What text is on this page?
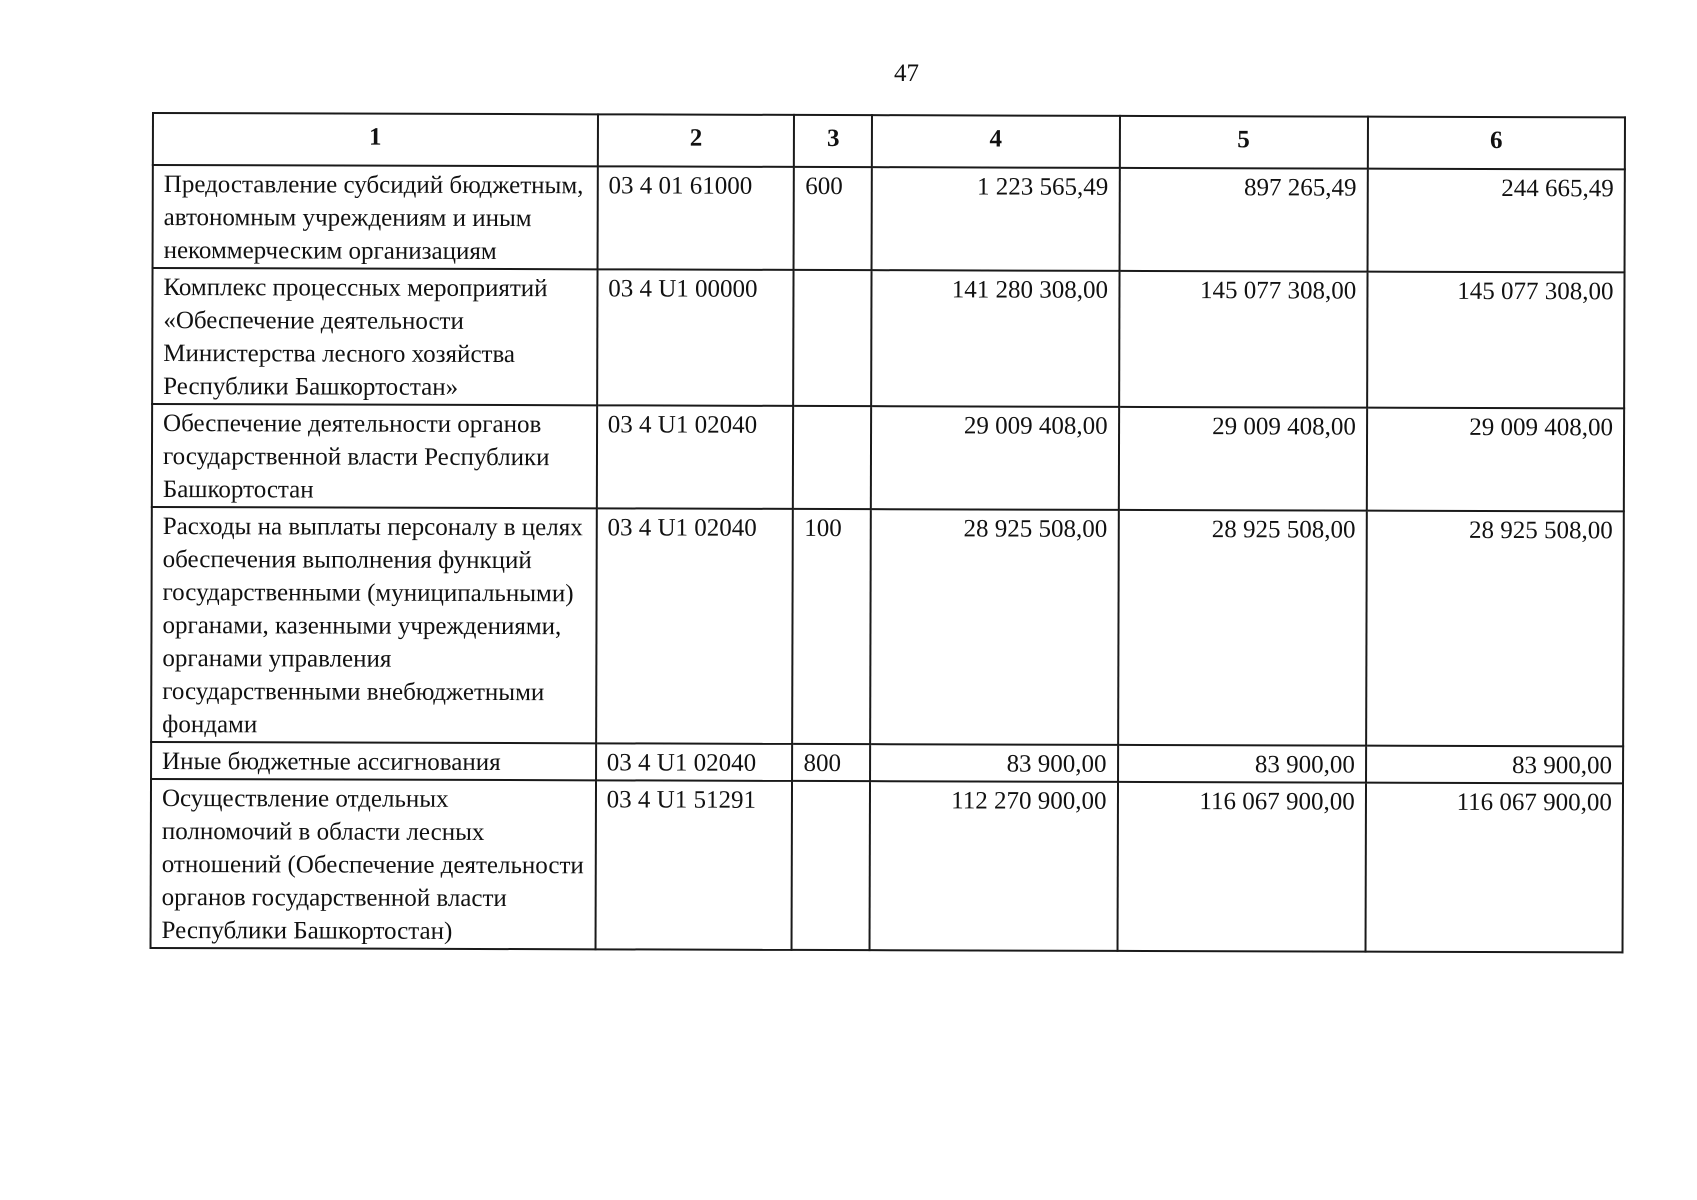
47
1	2	3	4	5	6
Предоставление субсидий бюджетным, автономным учреждениям и иным некоммерческим организациям	03 4 01 61000	600	1 223 565,49	897 265,49	244 665,49
Комплекс процессных мероприятий «Обеспечение деятельности Министерства лесного хозяйства Республики Башкортостан»	03 4 U1 00000		141 280 308,00	145 077 308,00	145 077 308,00
Обеспечение деятельности органов государственной власти Республики Башкортостан	03 4 U1 02040		29 009 408,00	29 009 408,00	29 009 408,00
Расходы на выплаты персоналу в целях обеспечения выполнения функций государственными (муниципальными) органами, казенными учреждениями, органами управления государственными внебюджетными фондами	03 4 U1 02040	100	28 925 508,00	28 925 508,00	28 925 508,00
Иные бюджетные ассигнования	03 4 U1 02040	800	83 900,00	83 900,00	83 900,00
Осуществление отдельных полномочий в области лесных отношений (Обеспечение деятельности органов государственной власти Республики Башкортостан)	03 4 U1 51291		112 270 900,00	116 067 900,00	116 067 900,00
